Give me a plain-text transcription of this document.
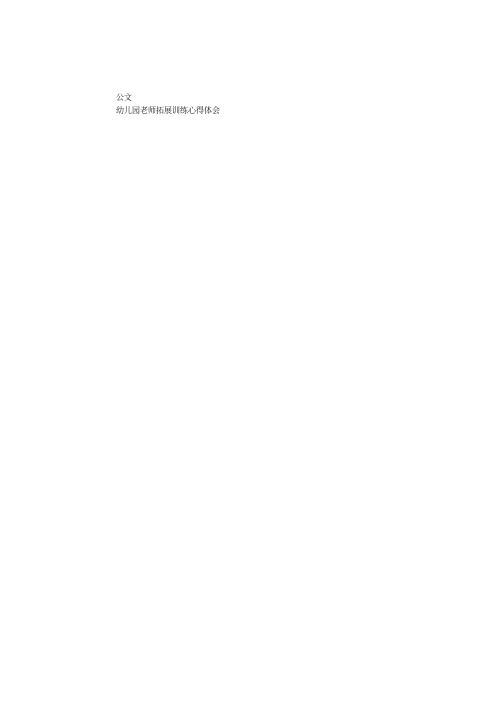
公文
幼儿园老师拓展训练心得体会
